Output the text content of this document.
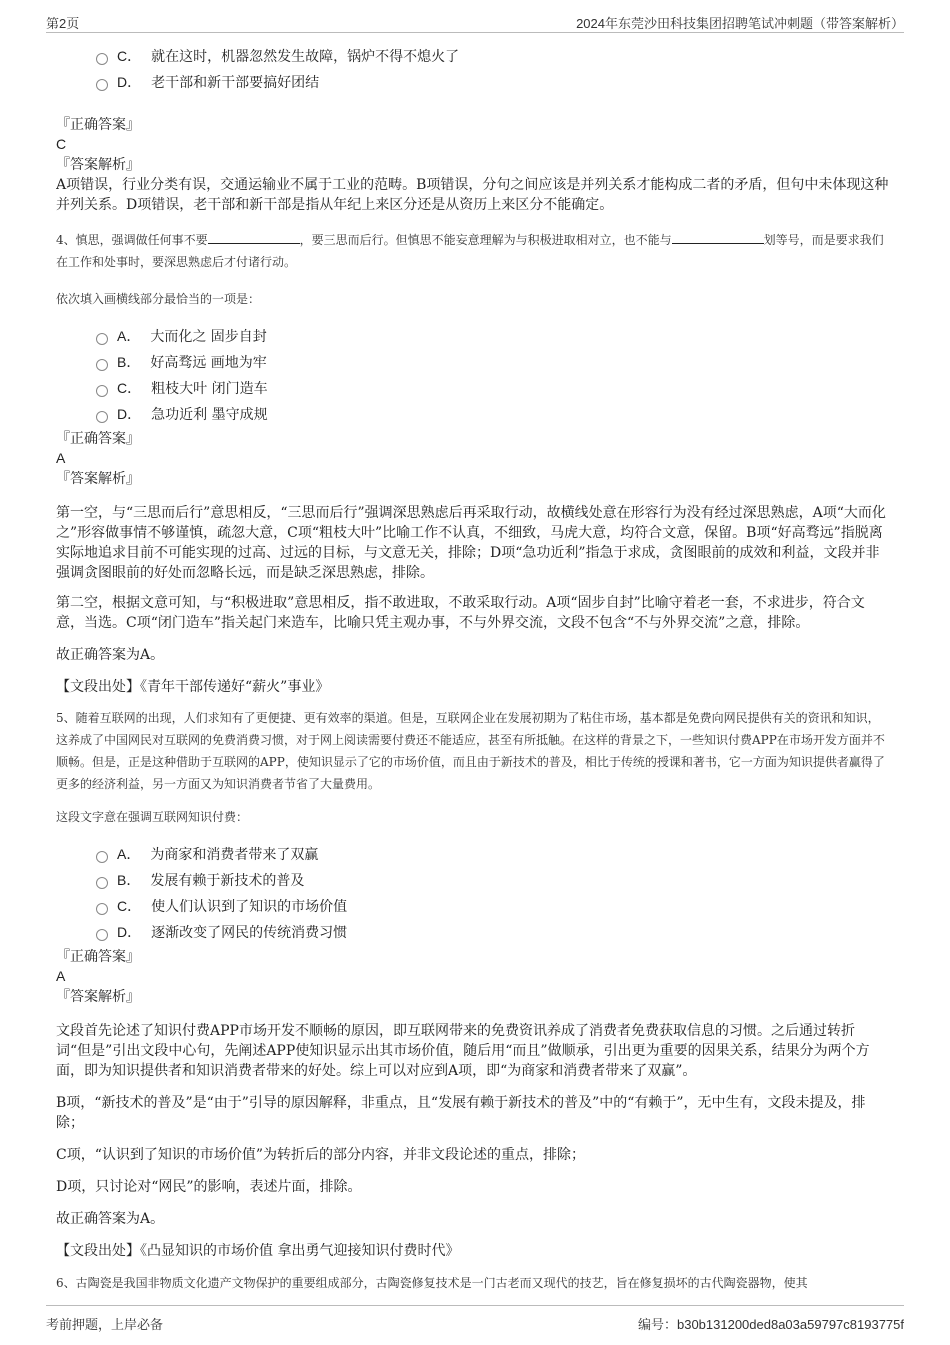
第2页	2024年东莞沙田科技集团招聘笔试冲刺题（带答案解析）
C． 就在这时，机器忽然发生故障，锅炉不得不熄火了
D． 老干部和新干部要搞好团结

『正确答案』

C

『答案解析』

A项错误，行业分类有误，交通运输业不属于工业的范畴。B项错误，分句之间应该是并列关系才能构成二者的矛盾，但句中未体现这种并列关系。D项错误，老干部和新干部是指从年纪上来区分还是从资历上来区分不能确定。

4、慎思，强调做任何事不要	，要三思而后行。但慎思不能妄意理解为与积极进取相对立，也不能与	划等号，而是要求我们在工作和处事时，要深思熟虑后才付诸行动。

依次填入画横线部分最恰当的一项是：

A． 大而化之 固步自封
B． 好高骛远 画地为牢
C． 粗枝大叶 闭门造车
D． 急功近利 墨守成规

『正确答案』

A

『答案解析』

第一空，与“三思而后行”意思相反，“三思而后行”强调深思熟虑后再采取行动，故横线处意在形容行为没有经过深思熟虑，A项“大而化之”形容做事情不够谨慎，疏忽大意，C项“粗枝大叶”比喻工作不认真，不细致，马虎大意，均符合文意，保留。B项“好高骛远”指脱离实际地追求目前不可能实现的过高、过远的目标，与文意无关，排除；D项“急功近利”指急于求成，贪图眼前的成效和利益，文段并非强调贪图眼前的好处而忽略长远，而是缺乏深思熟虑，排除。

第二空，根据文意可知，与“积极进取”意思相反，指不敢进取，不敢采取行动。A项“固步自封”比喻守着老一套，不求进步，符合文意，当选。C项“闭门造车”指关起门来造车，比喻只凭主观办事，不与外界交流，文段不包含“不与外界交流”之意，排除。

故正确答案为A。

【文段出处】《青年干部传递好“薪火”事业》

5、随着互联网的出现，人们求知有了更便捷、更有效率的渠道。但是，互联网企业在发展初期为了粘住市场，基本都是免费向网民提供有关的资讯和知识，这养成了中国网民对互联网的免费消费习惯，对于网上阅读需要付费还不能适应，甚至有所抵触。在这样的背景之下，一些知识付费APP在市场开发方面并不顺畅。但是，正是这种借助于互联网的APP，使知识显示了它的市场价值，而且由于新技术的普及，相比于传统的授课和著书，它一方面为知识提供者赢得了更多的经济利益，另一方面又为知识消费者节省了大量费用。

这段文字意在强调互联网知识付费：

A． 为商家和消费者带来了双赢
B． 发展有赖于新技术的普及
C． 使人们认识到了知识的市场价值
D． 逐渐改变了网民的传统消费习惯

『正确答案』

A

『答案解析』

文段首先论述了知识付费APP市场开发不顺畅的原因，即互联网带来的免费资讯养成了消费者免费获取信息的习惯。之后通过转折词“但是”引出文段中心句，先阐述APP使知识显示出其市场价值，随后用“而且”做顺承，引出更为重要的因果关系，结果分为两个方面，即为知识提供者和知识消费者带来的好处。综上可以对应到A项，即“为商家和消费者带来了双赢”。

B项，“新技术的普及”是“由于”引导的原因解释，非重点，且“发展有赖于新技术的普及”中的“有赖于”，无中生有，文段未提及，排除；

C项，“认识到了知识的市场价值”为转折后的部分内容，并非文段论述的重点，排除；

D项，只讨论对“网民”的影响，表述片面，排除。

故正确答案为A。

【文段出处】《凸显知识的市场价值 拿出勇气迎接知识付费时代》

6、古陶瓷是我国非物质文化遗产文物保护的重要组成部分，古陶瓷修复技术是一门古老而又现代的技艺，旨在修复损坏的古代陶瓷器物，使其

考前押题，上岸必备	编号：b30b131200ded8a03a59797c8193775f
